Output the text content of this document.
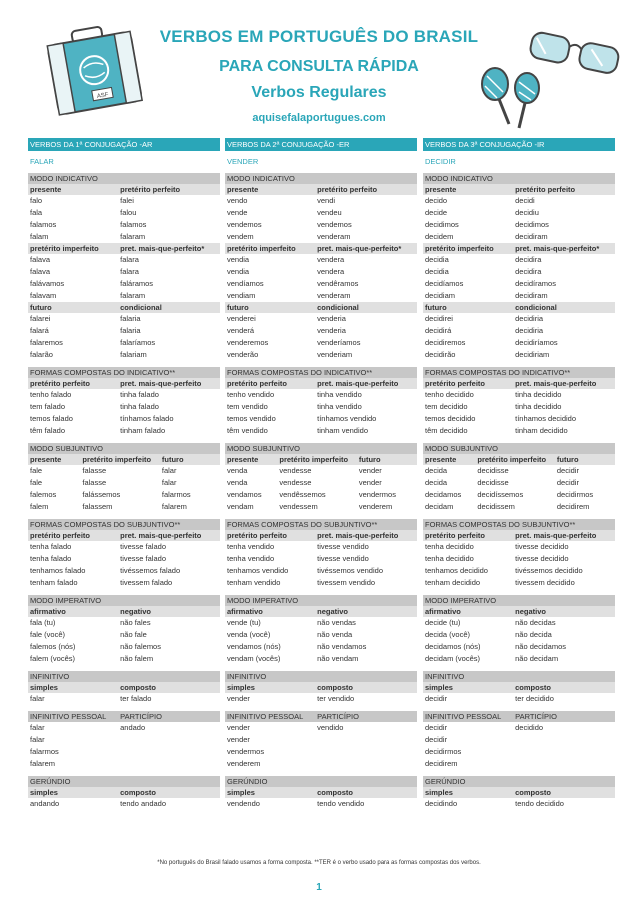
ASF
VERBOS EM PORTUGUÊS DO BRASIL
PARA CONSULTA RÁPIDA
Verbos Regulares
aquisefalaportugues.com
VERBOS DA 1ª CONJUGAÇÃO -AR
FALAR
MODO INDICATIVO
presente	pretérito perfeito
falo	falei
fala	falou
falamos	falamos
falam	falaram
pretérito imperfeito	pret. mais-que-perfeito*
falava	falara
falava	falara
falávamos	faláramos
falavam	falaram
futuro	condicional
falarei	falaria
falará	falaria
falaremos	falaríamos
falarão	falariam
FORMAS COMPOSTAS DO INDICATIVO**
pretérito perfeito	pret. mais-que-perfeito
tenho falado	tinha falado
tem falado	tinha falado
temos falado	tínhamos falado
têm falado	tinham falado
MODO SUBJUNTIVO
presente	pretérito imperfeito	futuro
fale	falasse	falar
fale	falasse	falar
falemos	falássemos	falarmos
falem	falassem	falarem
FORMAS COMPOSTAS DO SUBJUNTIVO**
pretérito perfeito	pret. mais-que-perfeito
tenha falado	tivesse falado
tenha falado	tivesse falado
tenhamos falado	tivéssemos falado
tenham falado	tivessem falado
MODO IMPERATIVO
afirmativo	negativo
fala (tu)	não fales
fale (você)	não fale
falemos (nós)	não falemos
falem (vocês)	não falem
INFINITIVO
simples	composto
falar	ter falado
INFINITIVO PESSOAL	PARTICÍPIO
falar	andado
falar
falarmos
falarem
GERÚNDIO
simples	composto
andando	tendo andado
VERBOS DA 2ª CONJUGAÇÃO -ER
VENDER
MODO INDICATIVO
presente	pretérito perfeito
vendo	vendi
vende	vendeu
vendemos	vendemos
vendem	venderam
pretérito imperfeito	pret. mais-que-perfeito*
vendia	vendera
vendia	vendera
vendíamos	vendêramos
vendiam	venderam
futuro	condicional
venderei	venderia
venderá	venderia
venderemos	venderíamos
venderão	venderiam
FORMAS COMPOSTAS DO INDICATIVO**
pretérito perfeito	pret. mais-que-perfeito
tenho vendido	tinha vendido
tem vendido	tinha vendido
temos vendido	tínhamos vendido
têm vendido	tinham vendido
MODO SUBJUNTIVO
presente	pretérito imperfeito	futuro
venda	vendesse	vender
venda	vendesse	vender
vendamos	vendêssemos	vendermos
vendam	vendessem	venderem
FORMAS COMPOSTAS DO SUBJUNTIVO**
pretérito perfeito	pret. mais-que-perfeito
tenha vendido	tivesse vendido
tenha vendido	tivesse vendido
tenhamos vendido	tivéssemos vendido
tenham vendido	tivessem vendido
MODO IMPERATIVO
afirmativo	negativo
vende (tu)	não vendas
venda (você)	não venda
vendamos (nós)	não vendamos
vendam (vocês)	não vendam
INFINITIVO
simples	composto
vender	ter vendido
INFINITIVO PESSOAL	PARTICÍPIO
vender	vendido
vender
vendermos
venderem
GERÚNDIO
simples	composto
vendendo	tendo vendido
VERBOS DA 3ª CONJUGAÇÃO -IR
DECIDIR
MODO INDICATIVO
presente	pretérito perfeito
decido	decidi
decide	decidiu
decidimos	decidimos
decidem	decidiram
pretérito imperfeito	pret. mais-que-perfeito*
decidia	decidira
decidia	decidira
decidíamos	decidíramos
decidiam	decidiram
futuro	condicional
decidirei	decidiria
decidirá	decidiria
decidiremos	decidiríamos
decidirão	decidiriam
FORMAS COMPOSTAS DO INDICATIVO**
pretérito perfeito	pret. mais-que-perfeito
tenho decidido	tinha decidido
tem decidido	tinha decidido
temos decidido	tínhamos decidido
têm decidido	tinham decidido
MODO SUBJUNTIVO
presente	pretérito imperfeito	futuro
decida	decidisse	decidir
decida	decidisse	decidir
decidamos	decidíssemos	decidirmos
decidam	decidissem	decidirem
FORMAS COMPOSTAS DO SUBJUNTIVO**
pretérito perfeito	pret. mais-que-perfeito
tenha decidido	tivesse decidido
tenha decidido	tivesse decidido
tenhamos decidido	tivéssemos decidido
tenham decidido	tivessem decidido
MODO IMPERATIVO
afirmativo	negativo
decide (tu)	não decidas
decida (você)	não decida
decidamos (nós)	não decidamos
decidam (vocês)	não decidam
INFINITIVO
simples	composto
decidir	ter decidido
INFINITIVO PESSOAL	PARTICÍPIO
decidir	decidido
decidir
decidirmos
decidirem
GERÚNDIO
simples	composto
decidindo	tendo decidido
*No português do Brasil falado usamos a forma composta. **TER é o verbo usado para as formas compostas dos verbos.
1
